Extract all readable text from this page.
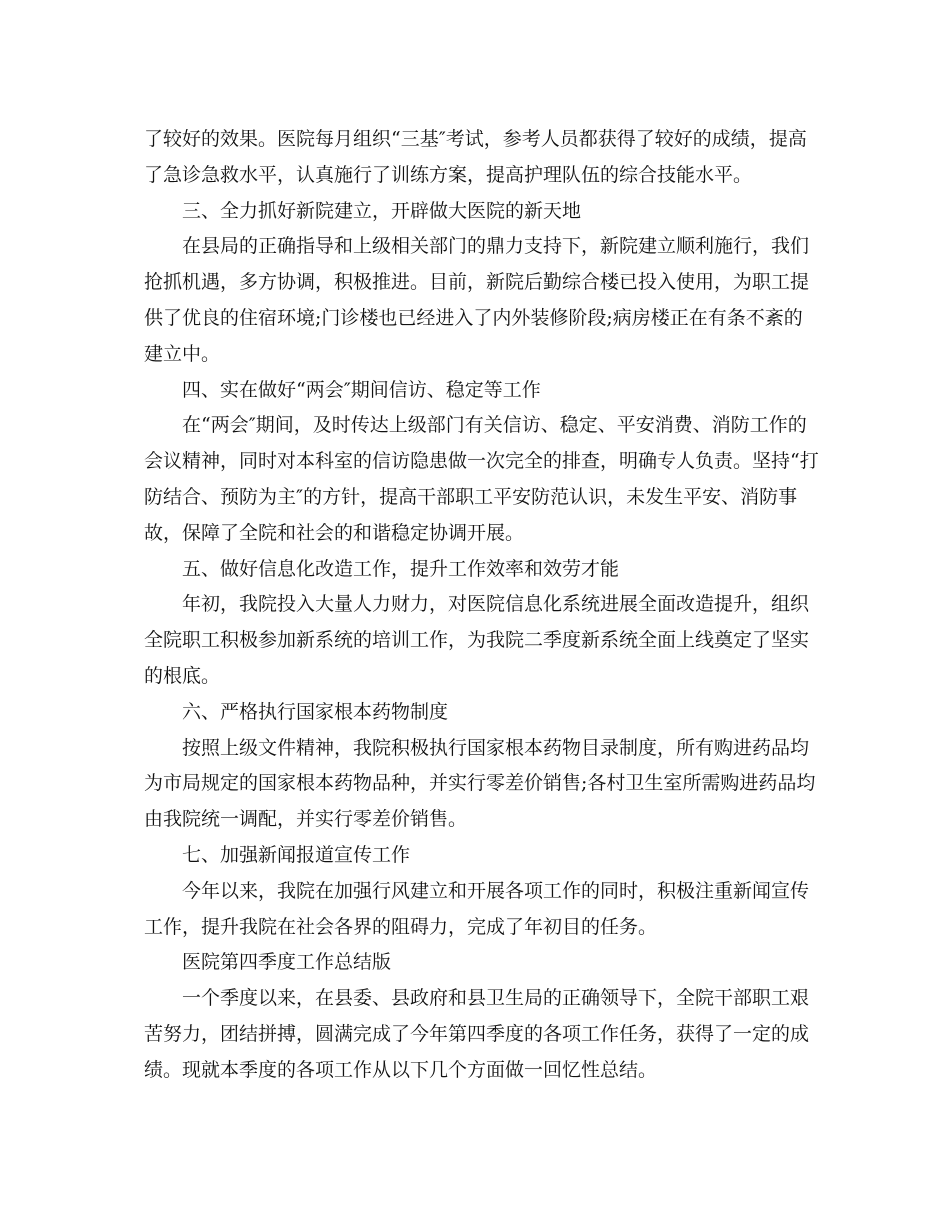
了较好的效果。医院每月组织“三基″考试，参考人员都获得了较好的成绩，提高
了急诊急救水平，认真施行了训练方案，提高护理队伍的综合技能水平。
三、全力抓好新院建立，开辟做大医院的新天地
在县局的正确指导和上级相关部门的鼎力支持下，新院建立顺利施行，我们
抢抓机遇，多方协调，积极推进。目前，新院后勤综合楼已投入使用，为职工提
供了优良的住宿环境;门诊楼也已经进入了内外装修阶段;病房楼正在有条不紊的
建立中。
四、实在做好“两会″期间信访、稳定等工作
在“两会″期间，及时传达上级部门有关信访、稳定、平安消费、消防工作的
会议精神，同时对本科室的信访隐患做一次完全的排查，明确专人负责。坚持“打
防结合、预防为主″的方针，提高干部职工平安防范认识，未发生平安、消防事
故，保障了全院和社会的和谐稳定协调开展。
五、做好信息化改造工作，提升工作效率和效劳才能
年初，我院投入大量人力财力，对医院信息化系统进展全面改造提升，组织
全院职工积极参加新系统的培训工作，为我院二季度新系统全面上线奠定了坚实
的根底。
六、严格执行国家根本药物制度
按照上级文件精神，我院积极执行国家根本药物目录制度，所有购进药品均
为市局规定的国家根本药物品种，并实行零差价销售;各村卫生室所需购进药品均
由我院统一调配，并实行零差价销售。
七、加强新闻报道宣传工作
今年以来，我院在加强行风建立和开展各项工作的同时，积极注重新闻宣传
工作，提升我院在社会各界的阻碍力，完成了年初目的任务。
医院第四季度工作总结版
一个季度以来，在县委、县政府和县卫生局的正确领导下，全院干部职工艰
苦努力，团结拼搏，圆满完成了今年第四季度的各项工作任务，获得了一定的成
绩。现就本季度的各项工作从以下几个方面做一回忆性总结。
